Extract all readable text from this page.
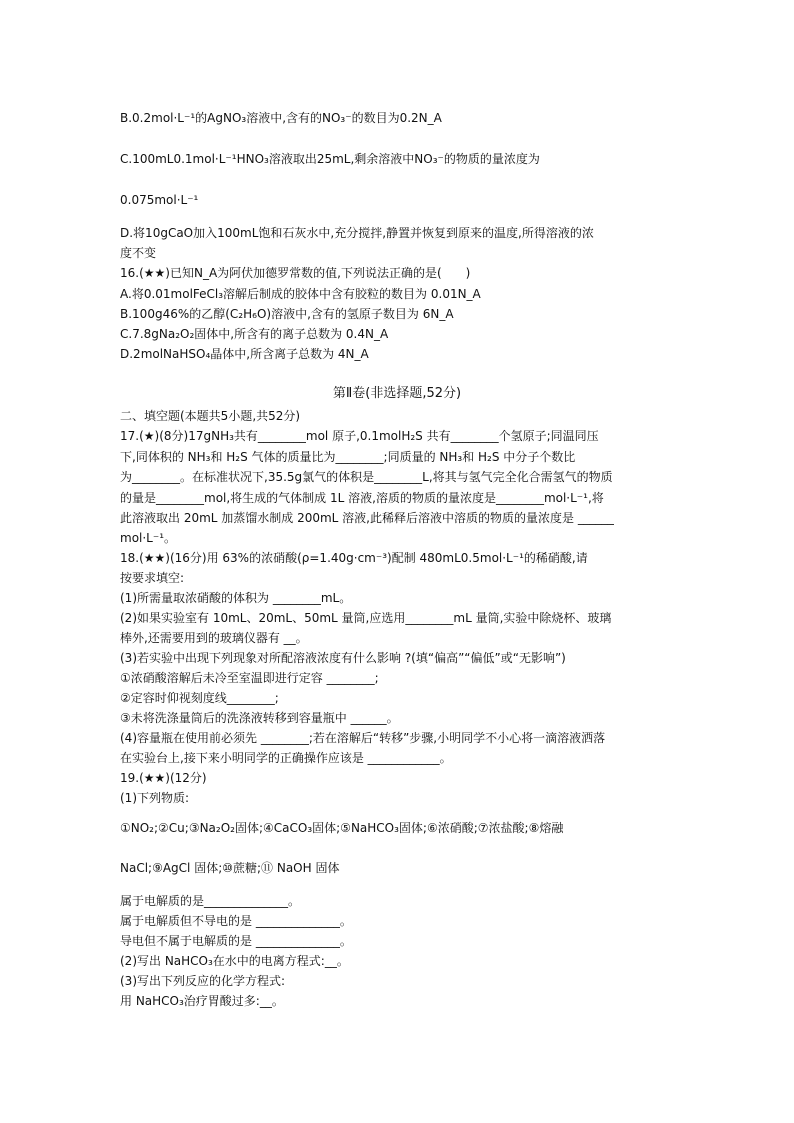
B.0.2mol·L⁻¹的AgNO₃溶液中,含有的NO₃⁻的数目为0.2N_A
C.100mL0.1mol·L⁻¹HNO₃溶液取出25mL,剩余溶液中NO₃⁻的物质的量浓度为
0.075mol·L⁻¹
D.将10gCaO加入100mL饱和石灰水中,充分搅拌,静置并恢复到原来的温度,所得溶液的浓
度不变
16.(★★)已知N_A为阿伏加德罗常数的值,下列说法正确的是(　　)
A.将0.01molFeCl₃溶解后制成的胶体中含有胶粒的数目为 0.01N_A
B.100g46%的乙醇(C₂H₆O)溶液中,含有的氢原子数目为 6N_A
C.7.8gNa₂O₂固体中,所含有的离子总数为 0.4N_A
D.2molNaHSO₄晶体中,所含离子总数为 4N_A
第Ⅱ卷(非选择题,52分)
二、填空题(本题共5小题,共52分)
17.(★)(8分)17gNH₃共有________mol 原子,0.1molH₂S 共有________个氢原子;同温同压
下,同体积的 NH₃和 H₂S 气体的质量比为________;同质量的 NH₃和 H₂S 中分子个数比
为________。在标准状况下,35.5g氯气的体积是________L,将其与氢气完全化合需氢气的物质
的量是________mol,将生成的气体制成 1L 溶液,溶质的物质的量浓度是________mol·L⁻¹,将
此溶液取出 20mL 加蒸馏水制成 200mL 溶液,此稀释后溶液中溶质的物质的量浓度是 ______
mol·L⁻¹。
18.(★★)(16分)用 63%的浓硝酸(ρ=1.40g·cm⁻³)配制 480mL0.5mol·L⁻¹的稀硝酸,请
按要求填空:
(1)所需量取浓硝酸的体积为 ________mL。
(2)如果实验室有 10mL、20mL、50mL 量筒,应选用________mL 量筒,实验中除烧杯、玻璃
棒外,还需要用到的玻璃仪器有 __。
(3)若实验中出现下列现象对所配溶液浓度有什么影响 ?(填“偏高”“偏低”或“无影响”)
①浓硝酸溶解后未冷至室温即进行定容 ________;
②定容时仰视刻度线________;
③未将洗涤量筒后的洗涤液转移到容量瓶中 ______。
(4)容量瓶在使用前必须先 ________;若在溶解后“转移”步骤,小明同学不小心将一滴溶液洒落
在实验台上,接下来小明同学的正确操作应该是 ____________。
19.(★★)(12分)
(1)下列物质:
①NO₂;②Cu;③Na₂O₂固体;④CaCO₃固体;⑤NaHCO₃固体;⑥浓硝酸;⑦浓盐酸;⑧熔融
NaCl;⑨AgCl 固体;⑩蔗糖;⑪ NaOH 固体
属于电解质的是______________。
属于电解质但不导电的是 ______________。
导电但不属于电解质的是 ______________。
(2)写出 NaHCO₃在水中的电离方程式:__。
(3)写出下列反应的化学方程式:
用 NaHCO₃治疗胃酸过多:__。
